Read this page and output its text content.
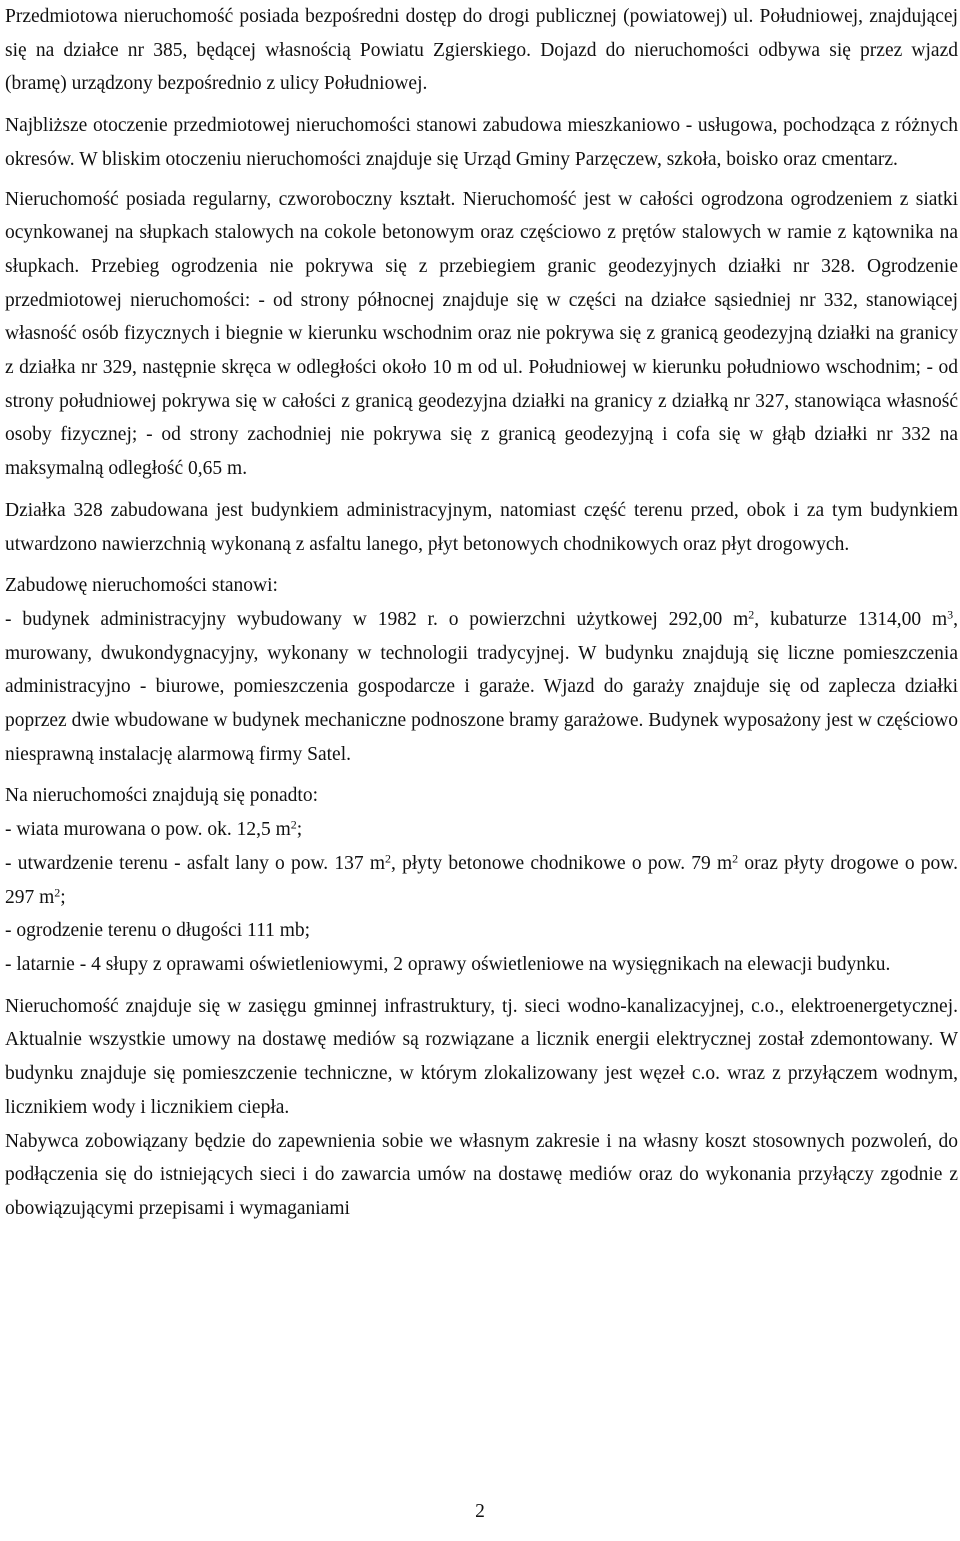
Przedmiotowa nieruchomość posiada bezpośredni dostęp do drogi publicznej (powiatowej) ul. Południowej, znajdującej się na działce nr 385, będącej własnością Powiatu Zgierskiego. Dojazd do nieruchomości odbywa się przez wjazd (bramę) urządzony bezpośrednio z ulicy Południowej.

Najbliższe otoczenie przedmiotowej nieruchomości stanowi zabudowa mieszkaniowo - usługowa, pochodząca z różnych okresów. W bliskim otoczeniu nieruchomości znajduje się Urząd Gminy Parzęczew, szkoła, boisko oraz cmentarz.

Nieruchomość posiada regularny, czworoboczny kształt. Nieruchomość jest w całości ogrodzona ogrodzeniem z siatki ocynkowanej na słupkach stalowych na cokole betonowym oraz częściowo z prętów stalowych w ramie z kątownika na słupkach. Przebieg ogrodzenia nie pokrywa się z przebiegiem granic geodezyjnych działki nr 328. Ogrodzenie przedmiotowej nieruchomości: - od strony północnej znajduje się w części na działce sąsiedniej nr 332, stanowiącej własność osób fizycznych i biegnie w kierunku wschodnim oraz nie pokrywa się z granicą geodezyjną działki na granicy z działka nr 329, następnie skręca w odległości około 10 m od ul. Południowej w kierunku południowo wschodnim; - od strony południowej pokrywa się w całości z granicą geodezyjna działki na granicy z działką nr 327, stanowiąca własność osoby fizycznej; - od strony zachodniej nie pokrywa się z granicą geodezyjną i cofa się w głąb działki nr 332 na maksymalną odległość 0,65 m.

Działka 328 zabudowana jest budynkiem administracyjnym, natomiast część terenu przed, obok i za tym budynkiem utwardzono nawierzchnią wykonaną z asfaltu lanego, płyt betonowych chodnikowych oraz płyt drogowych.

Zabudowę nieruchomości stanowi:
- budynek administracyjny wybudowany w 1982 r. o powierzchni użytkowej 292,00 $m^2$, kubaturze 1314,00 $m^3$, murowany, dwukondygnacyjny, wykonany w technologii tradycyjnej. W budynku znajdują się liczne pomieszczenia administracyjno - biurowe, pomieszczenia gospodarcze i garaże. Wjazd do garaży znajduje się od zaplecza działki poprzez dwie wbudowane w budynek mechaniczne podnoszone bramy garażowe. Budynek wyposażony jest w częściowo niesprawną instalację alarmową firmy Satel.

Na nieruchomości znajdują się ponadto:
- wiata murowana o pow. ok. 12,5 $m^2$;
- utwardzenie terenu - asfalt lany o pow. 137 $m^2$, płyty betonowe chodnikowe o pow. 79 $m^2$ oraz płyty drogowe o pow. 297 $m^2$;
- ogrodzenie terenu o długości 111 mb;
- latarnie - 4 słupy z oprawami oświetleniowymi, 2 oprawy oświetleniowe na wysięgnikach na elewacji budynku.

Nieruchomość znajduje się w zasięgu gminnej infrastruktury, tj. sieci wodno-kanalizacyjnej, c.o., elektroenergetycznej. Aktualnie wszystkie umowy na dostawę mediów są rozwiązane a licznik energii elektrycznej został zdemontowany. W budynku znajduje się pomieszczenie techniczne, w którym zlokalizowany jest węzeł c.o. wraz z przyłączem wodnym, licznikiem wody i licznikiem ciepła.

Nabywca zobowiązany będzie do zapewnienia sobie we własnym zakresie i na własny koszt stosownych pozwoleń, do podłączenia się do istniejących sieci i do zawarcia umów na dostawę mediów oraz do wykonania przyłączy zgodnie z obowiązującymi przepisami i wymaganiami

2
